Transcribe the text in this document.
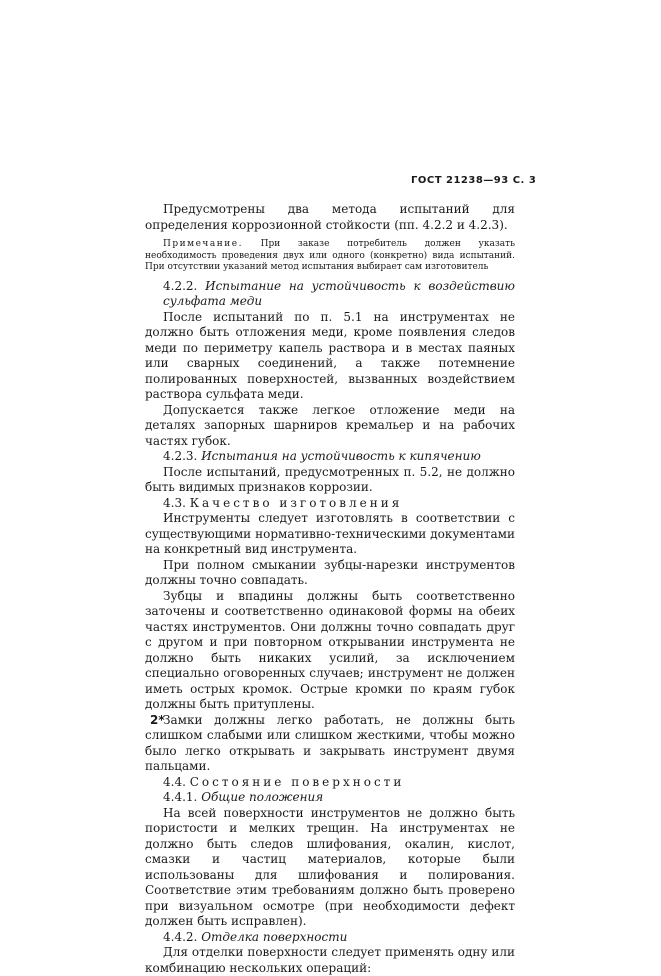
ГОСТ 21238—93 С. 3

Предусмотрены два метода испытаний для определения коррозионной стойкости (пп. 4.2.2 и 4.2.3).

Примечание. При заказе потребитель должен указать необходимость проведения двух или одного (конкретно) вида испытаний. При отсутствии указаний метод испытания выбирает сам изготовитель

4.2.2. Испытание на устойчивость к воздействию сульфата меди

После испытаний по п. 5.1 на инструментах не должно быть отложения меди, кроме появления следов меди по периметру капель раствора и в местах паяных или сварных соединений, а также потемнение полированных поверхностей, вызванных воздействием раствора сульфата меди.

Допускается также легкое отложение меди на деталях запорных шарниров кремальер и на рабочих частях губок.

4.2.3. Испытания на устойчивость к кипячению

После испытаний, предусмотренных п. 5.2, не должно быть видимых признаков коррозии.

4.3. Качество изготовления

Инструменты следует изготовлять в соответствии с существующими нормативно-техническими документами на конкретный вид инструмента.

При полном смыкании зубцы-нарезки инструментов должны точно совпадать.

Зубцы и впадины должны быть соответственно заточены и соответственно одинаковой формы на обеих частях инструментов. Они должны точно совпадать друг с другом и при повторном открывании инструмента не должно быть никаких усилий, за исключением специально оговоренных случаев; инструмент не должен иметь острых кромок. Острые кромки по краям губок должны быть притуплены.

Замки должны легко работать, не должны быть слишком слабыми или слишком жесткими, чтобы можно было легко открывать и закрывать инструмент двумя пальцами.

4.4. Состояние поверхности

4.4.1. Общие положения

На всей поверхности инструментов не должно быть пористости и мелких трещин. На инструментах не должно быть следов шлифования, окалин, кислот, смазки и частиц материалов, которые были использованы для шлифования и полирования. Соответствие этим требованиям должно быть проверено при визуальном осмотре (при необходимости дефект должен быть исправлен).

4.4.2. Отделка поверхности

Для отделки поверхности следует применять одну или комбинацию нескольких операций:

2*
